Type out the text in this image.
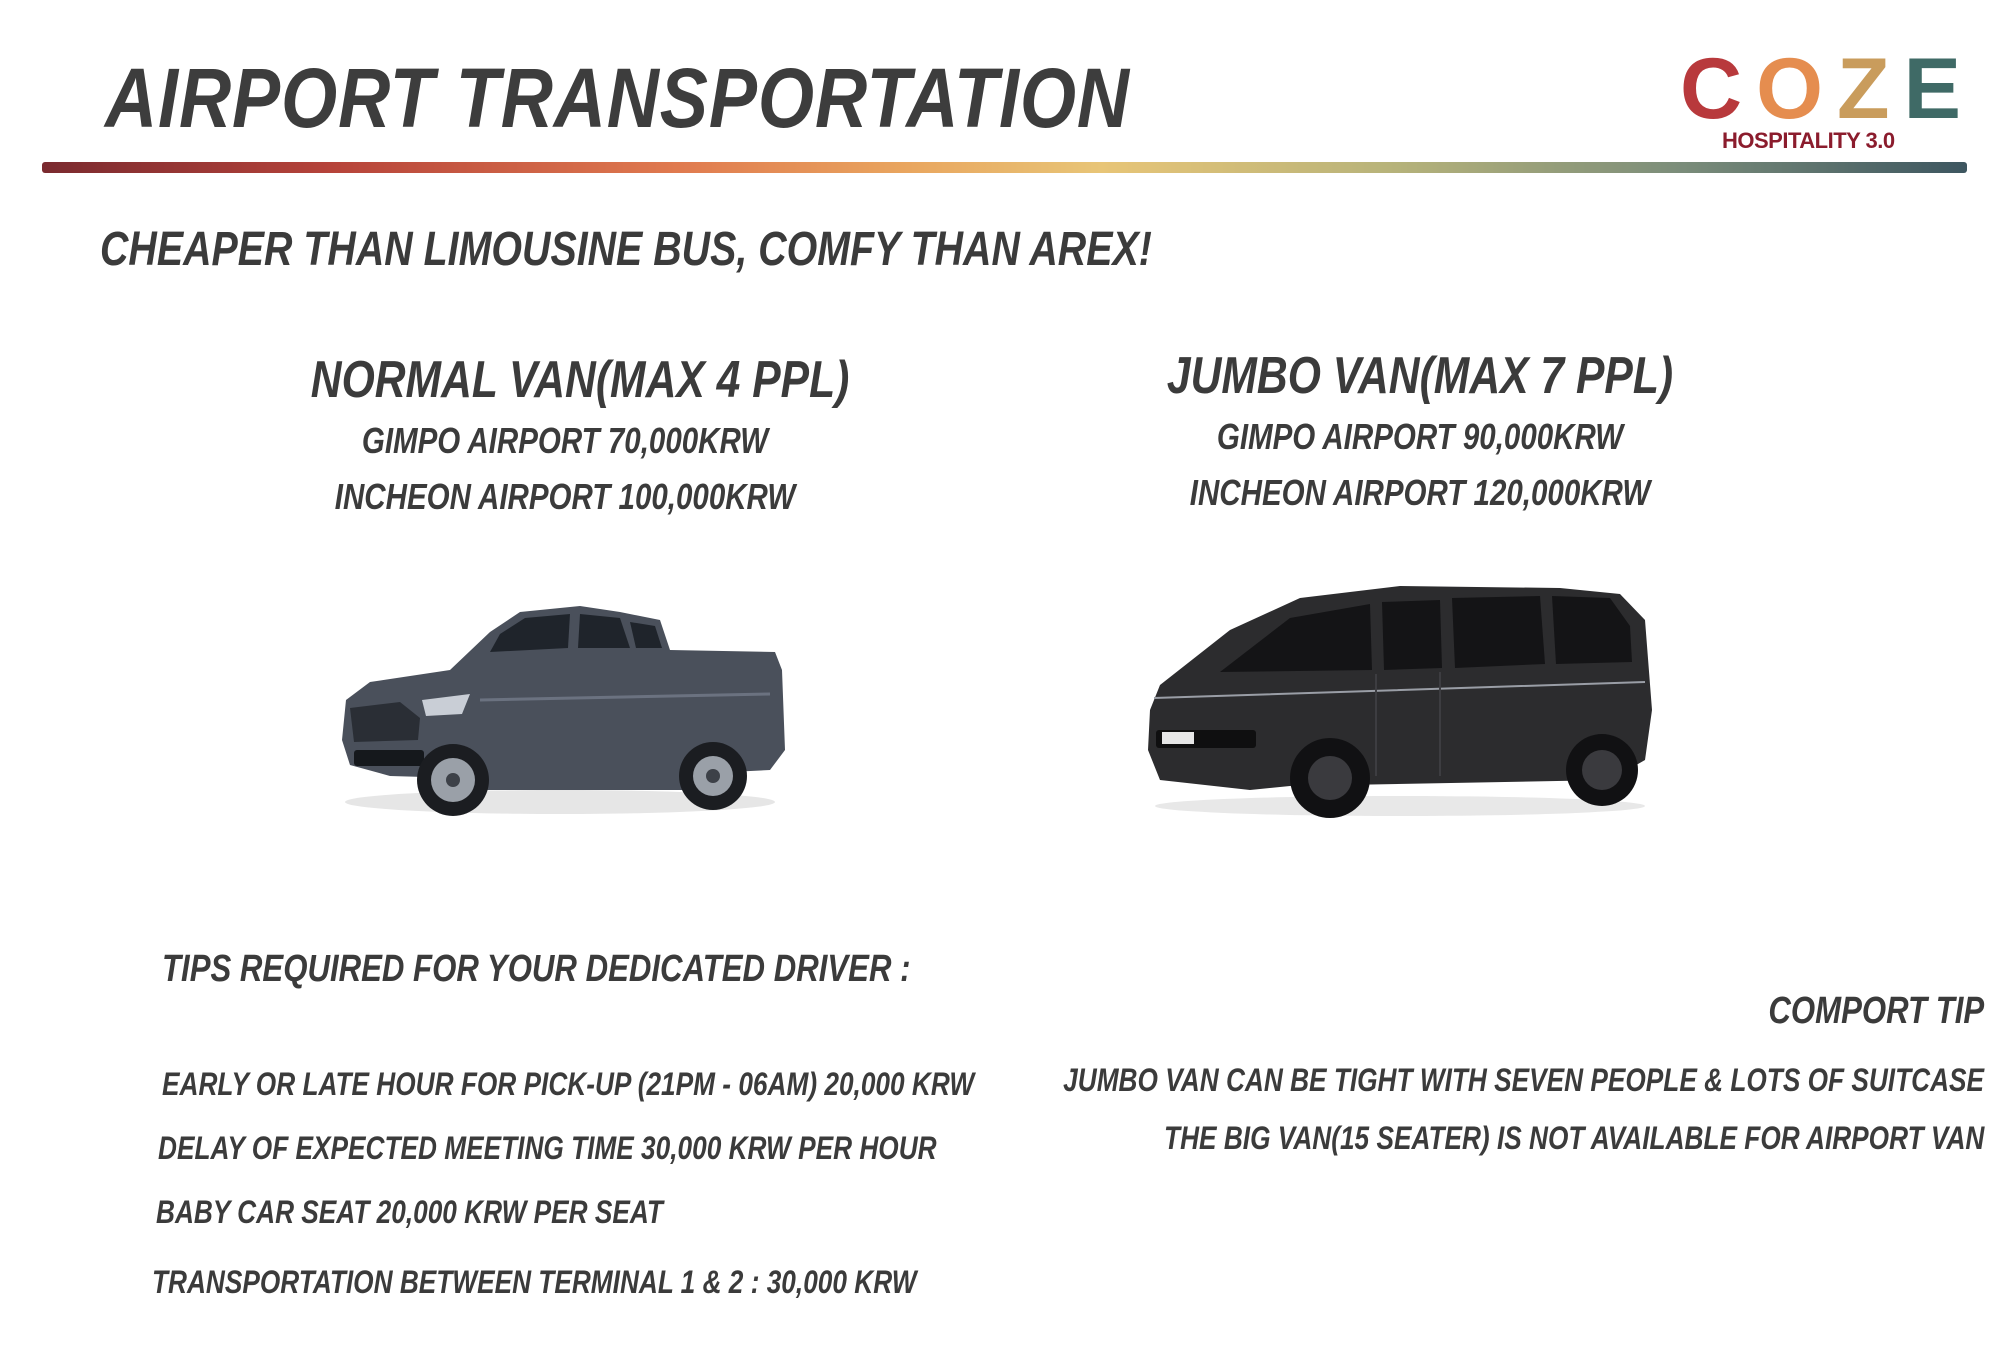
AIRPORT TRANSPORTATION	COZE
HOSPITALITY 3.0
CHEAPER THAN LIMOUSINE BUS, COMFY THAN AREX!
NORMAL VAN(MAX 4 PPL)
GIMPO AIRPORT 70,000KRW
INCHEON AIRPORT 100,000KRW
JUMBO VAN(MAX 7 PPL)
GIMPO AIRPORT 90,000KRW
INCHEON AIRPORT 120,000KRW
TIPS REQUIRED FOR YOUR DEDICATED DRIVER :
EARLY OR LATE HOUR FOR PICK-UP (21PM - 06AM) 20,000 KRW
DELAY OF EXPECTED MEETING TIME 30,000 KRW PER HOUR
BABY CAR SEAT 20,000 KRW PER SEAT
TRANSPORTATION BETWEEN TERMINAL 1 & 2 : 30,000 KRW
COMPORT TIP
JUMBO VAN CAN BE TIGHT WITH SEVEN PEOPLE & LOTS OF SUITCASE
THE BIG VAN(15 SEATER) IS NOT AVAILABLE FOR AIRPORT VAN
